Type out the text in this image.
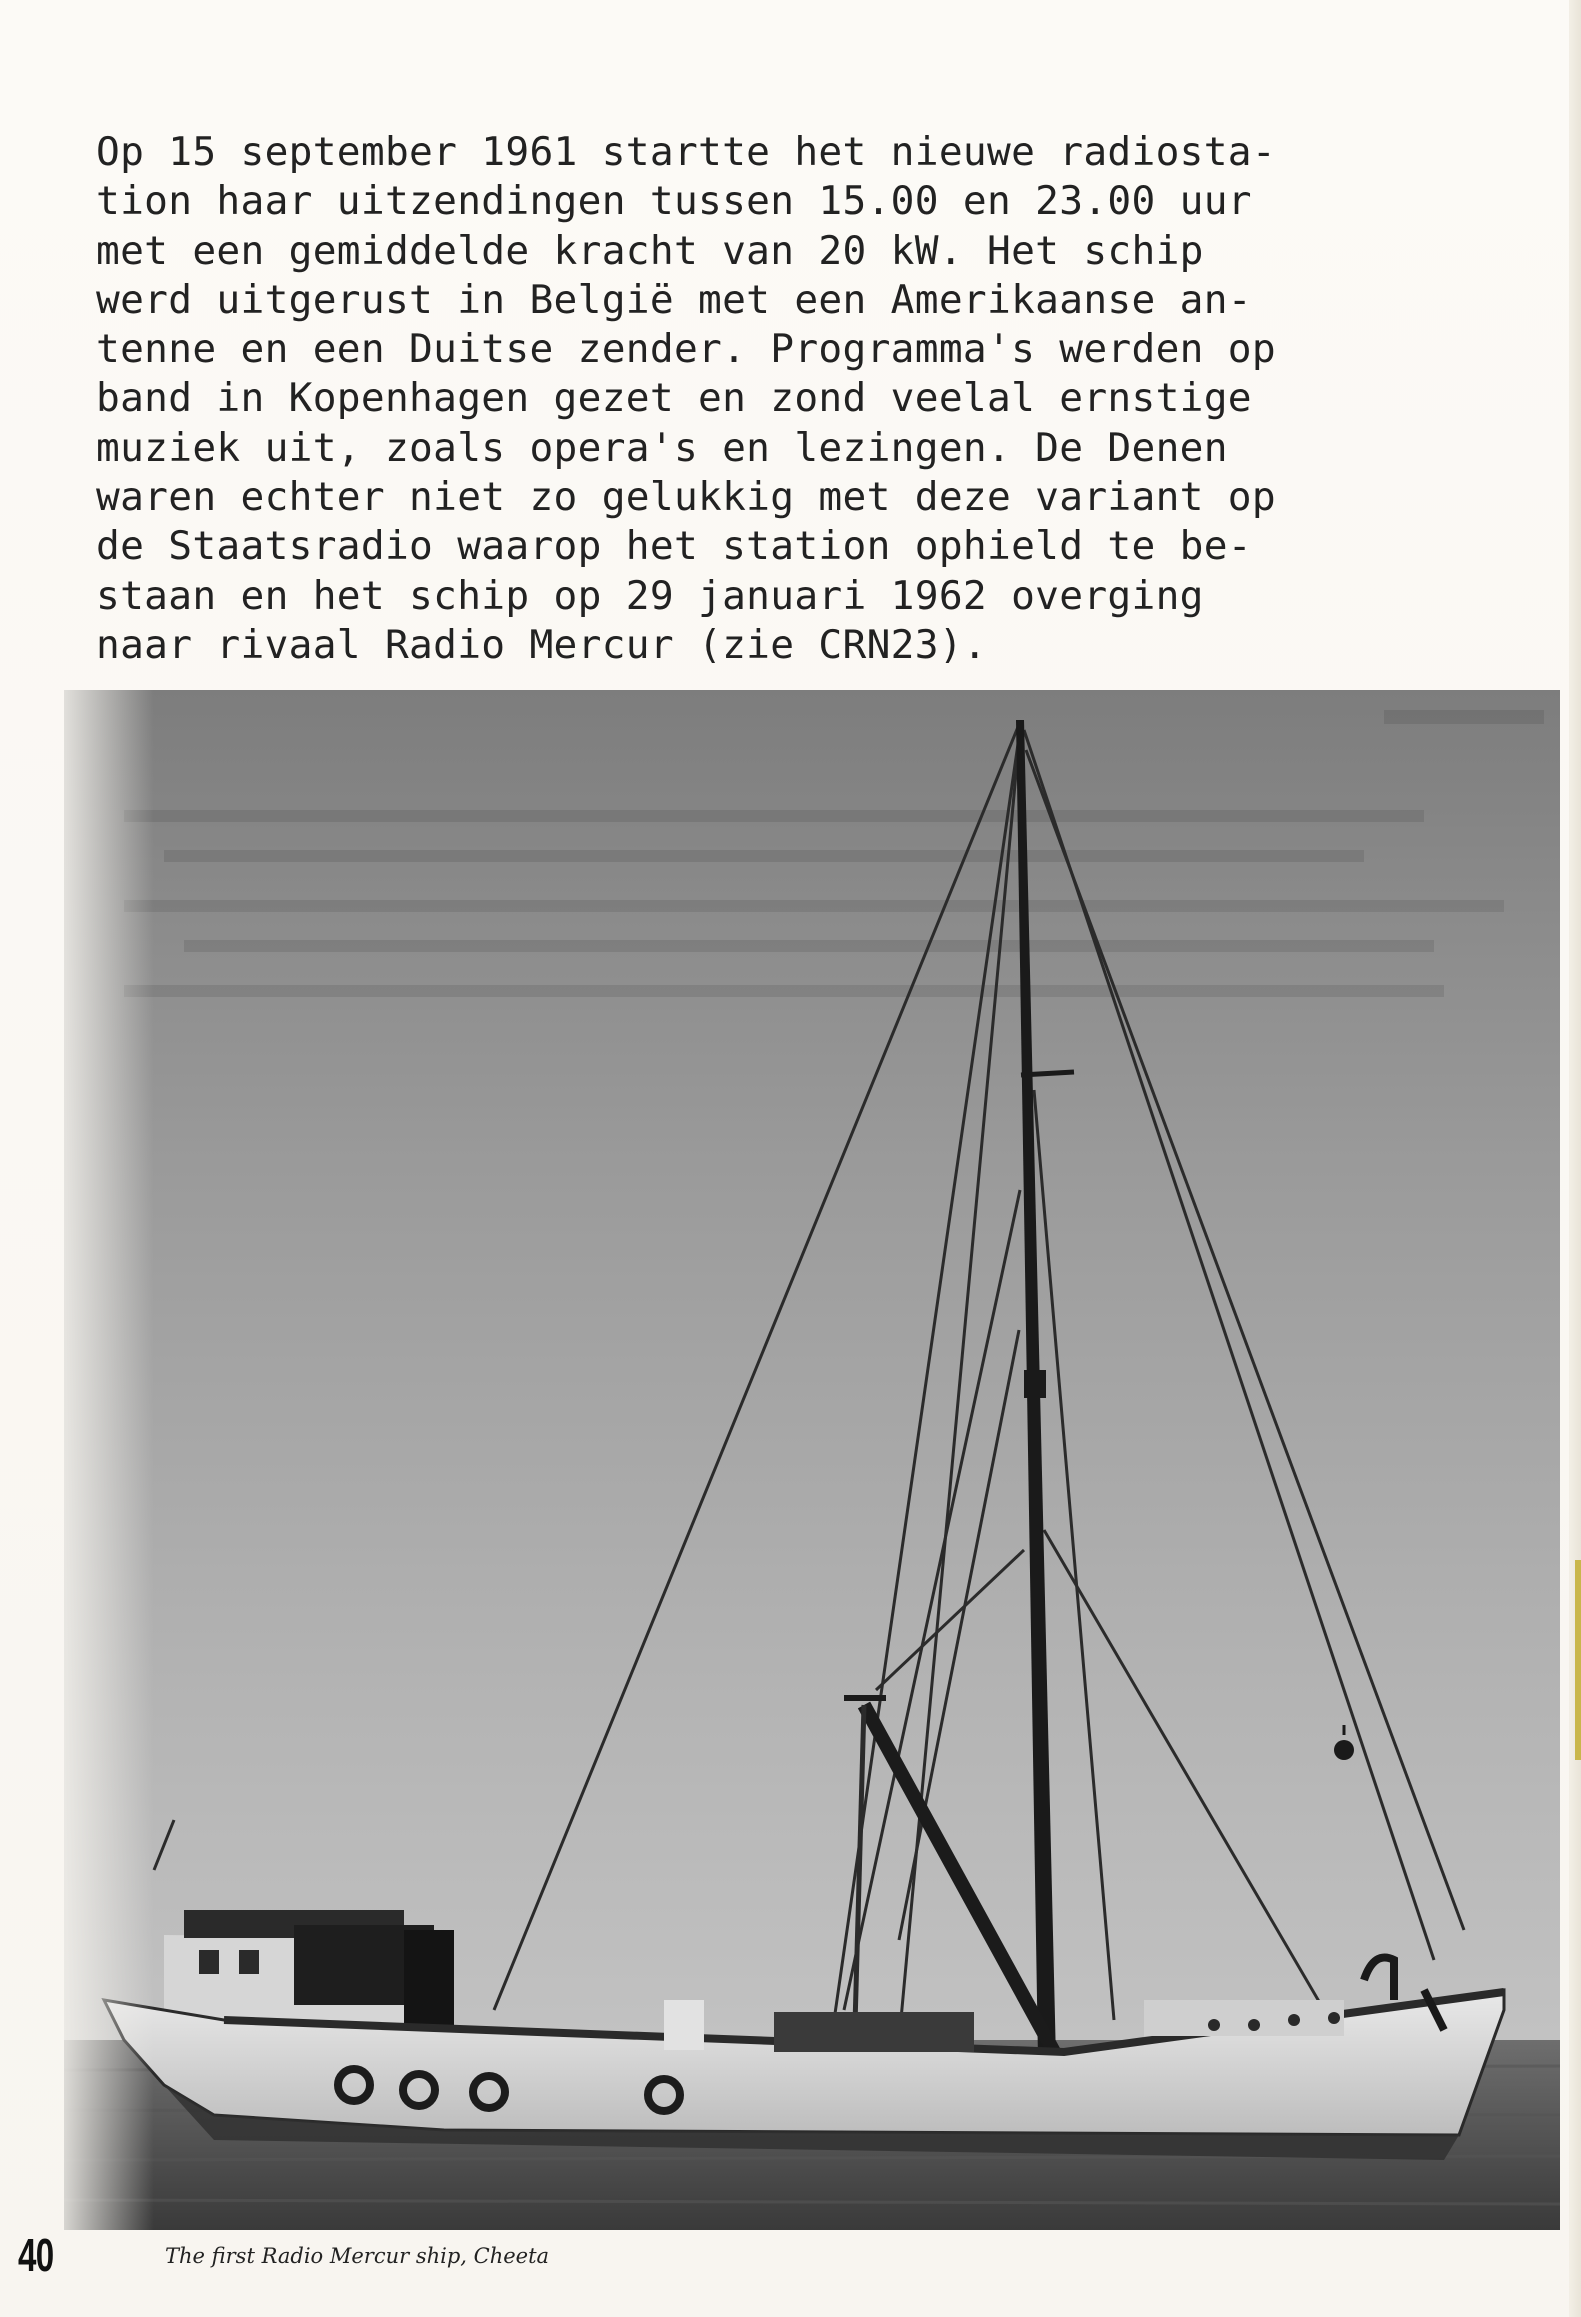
Op 15 september 1961 startte het nieuwe radiosta-
tion haar uitzendingen tussen 15.00 en 23.00 uur
met een gemiddelde kracht van 20 kW. Het schip
werd uitgerust in België met een Amerikaanse an-
tenne en een Duitse zender. Programma's werden op
band in Kopenhagen gezet en zond veelal ernstige
muziek uit, zoals opera's en lezingen. De Denen
waren echter niet zo gelukkig met deze variant op
de Staatsradio waarop het station ophield te be-
staan en het schip op 29 januari 1962 overging
naar rivaal Radio Mercur (zie CRN23).

40	The first Radio Mercur ship, Cheeta
